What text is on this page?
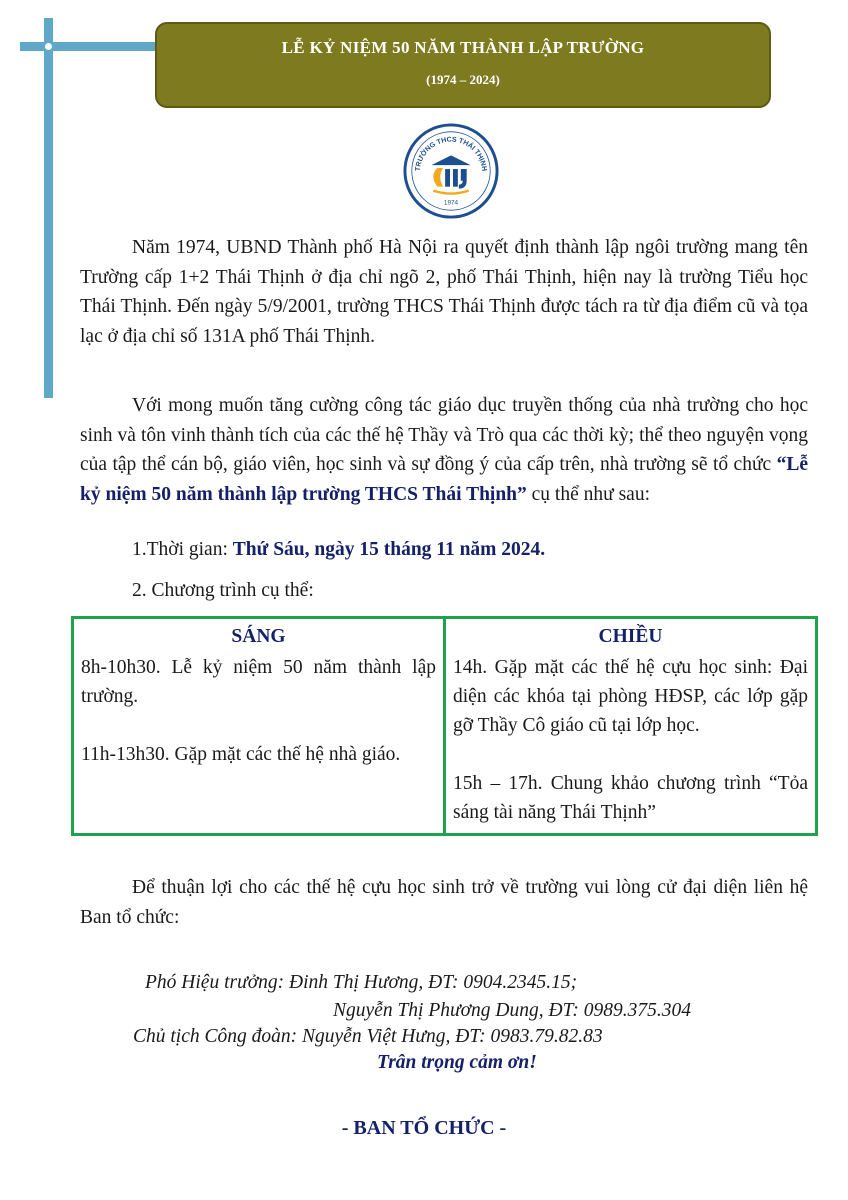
LỄ KỶ NIỆM 50 NĂM THÀNH LẬP TRƯỜNG
(1974 – 2024)
TRƯỜNG THCS THÁI THỊNH
1974
Năm 1974, UBND Thành phố Hà Nội ra quyết định thành lập ngôi trường mang tên Trường cấp 1+2 Thái Thịnh ở địa chỉ ngõ 2, phố Thái Thịnh, hiện nay là trường Tiểu học Thái Thịnh. Đến ngày 5/9/2001, trường THCS Thái Thịnh được tách ra từ địa điểm cũ và tọa lạc ở địa chỉ số 131A phố Thái Thịnh.
Với mong muốn tăng cường công tác giáo dục truyền thống của nhà trường cho học sinh và tôn vinh thành tích của các thế hệ Thầy và Trò qua các thời kỳ; thể theo nguyện vọng của tập thể cán bộ, giáo viên, học sinh và sự đồng ý của cấp trên, nhà trường sẽ tổ chức “Lễ kỷ niệm 50 năm thành lập trường THCS Thái Thịnh” cụ thể như sau:
1.Thời gian: Thứ Sáu, ngày 15 tháng 11 năm 2024.
2. Chương trình cụ thể:
SÁNG
8h-10h30. Lễ kỷ niệm 50 năm thành lập trường.
11h-13h30. Gặp mặt các thế hệ nhà giáo.
CHIỀU
14h. Gặp mặt các thế hệ cựu học sinh: Đại diện các khóa tại phòng HĐSP, các lớp gặp gỡ Thầy Cô giáo cũ tại lớp học.
15h – 17h. Chung khảo chương trình “Tỏa sáng tài năng Thái Thịnh”
Để thuận lợi cho các thế hệ cựu học sinh trở về trường vui lòng cử đại diện liên hệ Ban tổ chức:
Phó Hiệu trưởng: Đinh Thị Hương, ĐT: 0904.2345.15;
Nguyễn Thị Phương Dung, ĐT: 0989.375.304
Chủ tịch Công đoàn: Nguyễn Việt Hưng, ĐT: 0983.79.82.83
Trân trọng cảm ơn!
- BAN TỔ CHỨC -
